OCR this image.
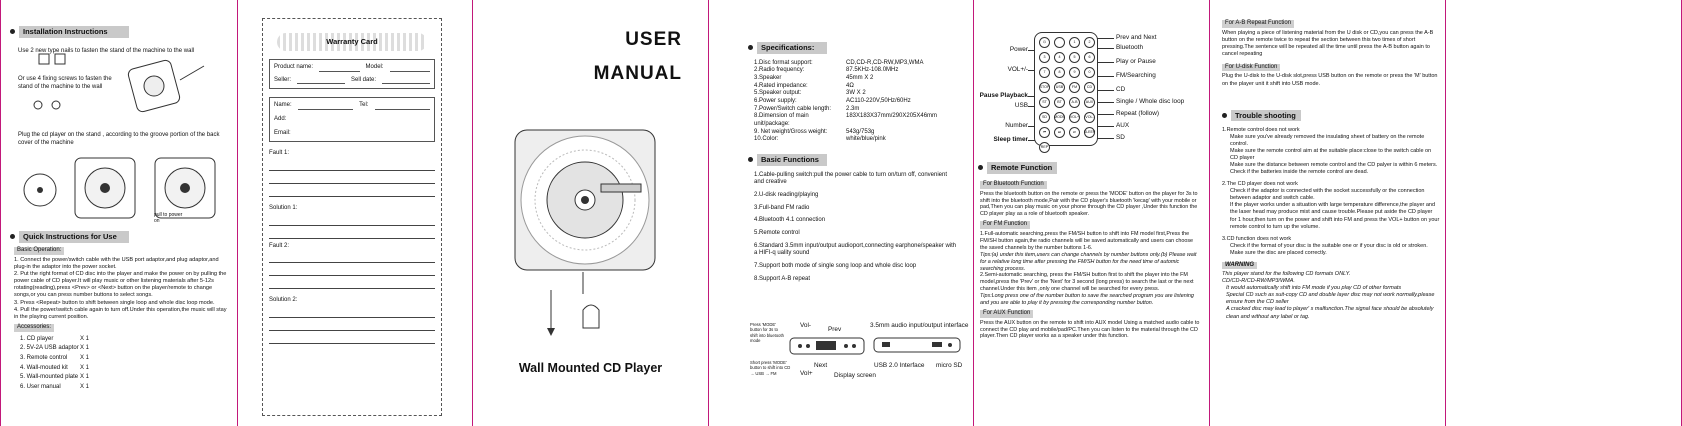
Installation Instructions
Use 2 new type nails to fasten the stand of the machine to the wall
Or use 4 fixing screws to fasten the stand of the machine to the wall
Plug the cd player on the stand , according to the groove portion of the back cover of the machine
pull to power on
Quick Instructions for Use
Basic Operation:
1. Connect the power/switch cable with the USB port adaptor,and plug adaptor,and plug-in the adaptor into the power socket.
2. Put the right format of CD disc into the player and make the power on by pulling the power cable of CD player.It will play music or other listening materials after 5-12s rotating(reading),press <Prev> or <Next> button on the player/remote to change songs,or you can press number buttons to select songs.
3. Press <Repeat> button to shift between single loop and whole disc loop mode.
4. Pull the power/switch cable again to turn off.Under this operation,the music will stay in the playing current position.
Accessories:
1. CD player	X 1
2. 5V-2A USB adaptor X 1
3. Remote control	X 1
4. Wall-mouted kit	X 1
5. Wall-mounted plate X 1
6. User manual	X 1
Warranty Card
Product name:	Model:
Seller:	Sell date:
Name:	Tel:
Add:
Email:
Fault 1:
Solution 1:
Fault 2:
Solution 2:
USER
MANUAL
Wall Mounted CD Player
Specifications:
1.Disc format support:	CD,CD-R,CD-RW,MP3,WMA
2.Radio frequency:	87.5KHz-108.0MHz
3.Speaker	45mm X 2
4.Rated impedance:	4Ω
5.Speaker output:	3W X 2
6.Power supply:	AC110-220V,50Hz/60Hz
7.Power/Switch cable length:	2.3m
8.Dimension of main unit/package:
183X183X37mm/290X205X46mm
9. Net weight/Gross weight:	543g/753g
10.Color:	white/blue/pink
Basic Functions
1.Cable-pulling switch:pull the power cable to turn on/turn off, convenient and creative
2.U-disk reading/playing
3.Full-band FM radio
4.Bluetooth 4.1 connection
5.Remote control
6.Standard 3.5mm input/output audioport,connecting earphone/speaker with a HIFI-q uality sound
7.Support both mode of single song loop and whole disc loop
8.Support A-B repeat
Press 'MODE' button for 3s to shift into bluetooth mode
Short press 'MODE' button to shift into CD → USB → FM
Vol-
Prev
Next
Vol+	Display screen
3.5mm audio input/output interface
USB 2.0 Interface micro SD
Power
VOL+/-
Pause Playback
USB
Number
Sleep timer
Prev and Next
Bluetooth
Play or Pause
FM/Searching
CD
Single / Whole disc loop
Repeat (follow)
AUX
SD
⏻	1	2
3	4	5	6
7	8	9	0
STOP	USB	FM	CD
ST	BT	A-B	AUX
SD	MODE VOL+	VOL-
⏮	⏭	⏯	SLEEP
REP
Remote Function
For Bluetooth Function
Press the bluetooth button on the remote or press the 'MODE' button on the player for 3s to shift into the bluetooth mode,Pair with the CD player's bluetooth 'kecag' with your mobile or pad,Then you can play music on your phone through the CD player ,Under this function the CD player play as a role of bluetooth speaker.
For FM Function
1.Full-automatic searching,press the FM/SH button to shift into FM model first,Press the FM/SH button again,the radio channels will be saved automatically and users can choose the saved channels by the number buttons 1-6.
Tips:(a) under this item,users can change channels by number buttons only.(b) Please wait for a relative long time after pressing the FM/SH button for the need time of automic searching process.
2.Semi-automatic searching, press the FM/SH button first to shift the player into the FM model,press the 'Prev' or the 'Next' for 3 second (long press) to search the last or the next channel.Under this item ,only one channel will be searched for every press.
Tips:Long press one of the number button to save the searched program you are listening and you are able to play it by pressing the corresponding number button.
For AUX Function
Press the AUX button on the remote to shift into AUX model Using a matched audio cable to connect the CD play and mobile/pad/PC.Then you can listen to the material through the CD player.Then CD player works as a speaker under this function.
For A-B Repeat Function
When playing a piece of listening material from the U disk or CD,you can press the A-B button on the remote twice to repeat the section between this two times of short pressing.The sentence will be repeated all the time until press the A-B button again to cancel repeating
For U-disk Function
Plug the U-disk to the U-disk slot,press USB button on the remote or press the 'M' button on the player unit it shift into USB mode.
Trouble shooting
1.Remote control does not work
Make sure you've already removed the insulating sheet of battery on the remote control.
Make sure the remote control aim at the suitable place:close to the switch cable on CD player
Make sure the distance between remote control and the CD palyer is within 6 meters.
Check if the batteries inside the remote control are dead.
2.The CD player does not work
Check if the adaptor is connected with the socket successfully or the connection between adaptor and switch cable.
If the player works under a situation with large temperature difference,the player and the laser head may produce mist and cause trouble.Please put aside the CD player for 1 hour,then turn on the power and shift into FM and press the VOL+ button on your remote control to turn up the volume.
3.CD function does not work
Check if the format of your disc is the suitable one or if your disc is old or stroken.
Make sure the disc are placed correctly.
WARNING
This player stand for the following CD formats ONLY.
CD/CD-R/CD-RW/MP3/WMA.
It would automatically shift into FM mode if you play CD of other formats
Special CD such as suit-copy CD and double layer disc may not work normally,please ensure from the CD seller
A cracked disc may lead to player' s malfunction.The signal face should be absolutely clean and without any label or tag.
